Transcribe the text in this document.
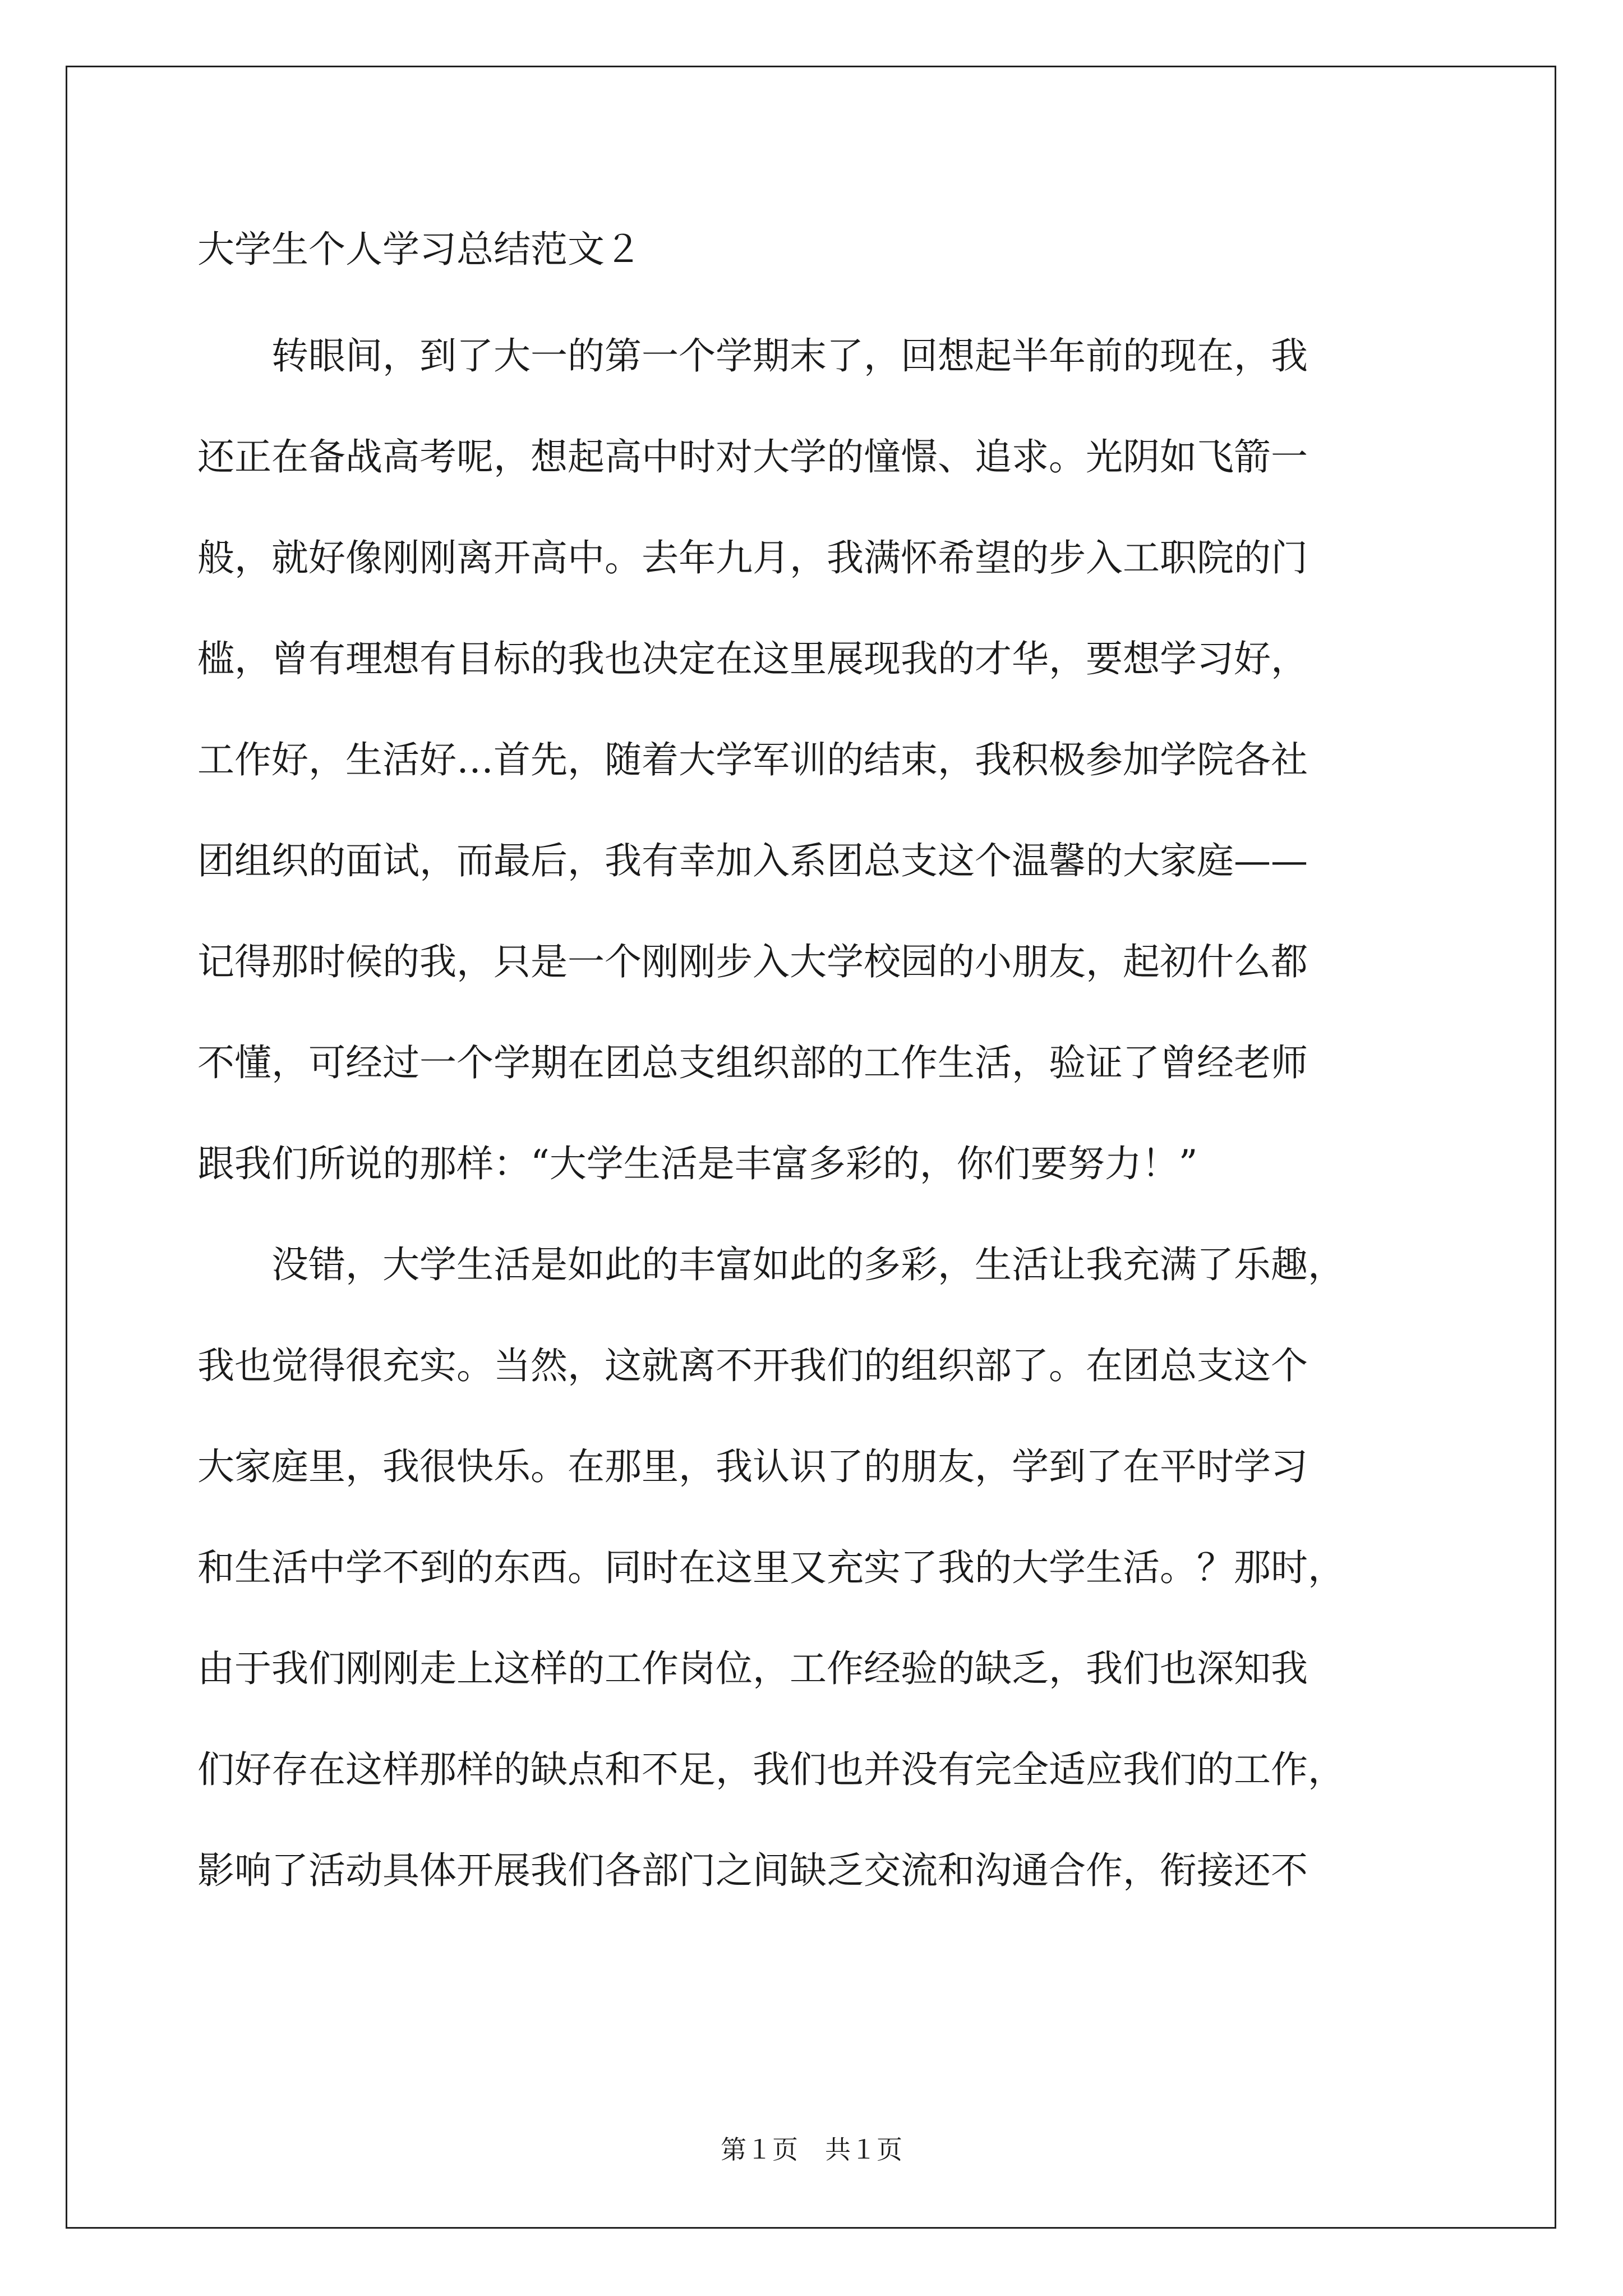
大学生个人学习总结范文２
转眼间，到了大一的第一个学期末了，回想起半年前的现在，我
还正在备战高考呢，想起高中时对大学的憧憬、追求。光阴如飞箭一
般，就好像刚刚离开高中。去年九月，我满怀希望的步入工职院的门
槛，曾有理想有目标的我也决定在这里展现我的才华，要想学习好，
工作好，生活好…首先，随着大学军训的结束，我积极参加学院各社
团组织的面试，而最后，我有幸加入系团总支这个温馨的大家庭——
记得那时候的我，只是一个刚刚步入大学校园的小朋友，起初什么都
不懂，可经过一个学期在团总支组织部的工作生活，验证了曾经老师
跟我们所说的那样：“大学生活是丰富多彩的，你们要努力！”
没错，大学生活是如此的丰富如此的多彩，生活让我充满了乐趣，
我也觉得很充实。当然，这就离不开我们的组织部了。在团总支这个
大家庭里，我很快乐。在那里，我认识了的朋友，学到了在平时学习
和生活中学不到的东西。同时在这里又充实了我的大学生活。？那时，
由于我们刚刚走上这样的工作岗位，工作经验的缺乏，我们也深知我
们好存在这样那样的缺点和不足，我们也并没有完全适应我们的工作，
影响了活动具体开展我们各部门之间缺乏交流和沟通合作，衔接还不
第１页 共１页
